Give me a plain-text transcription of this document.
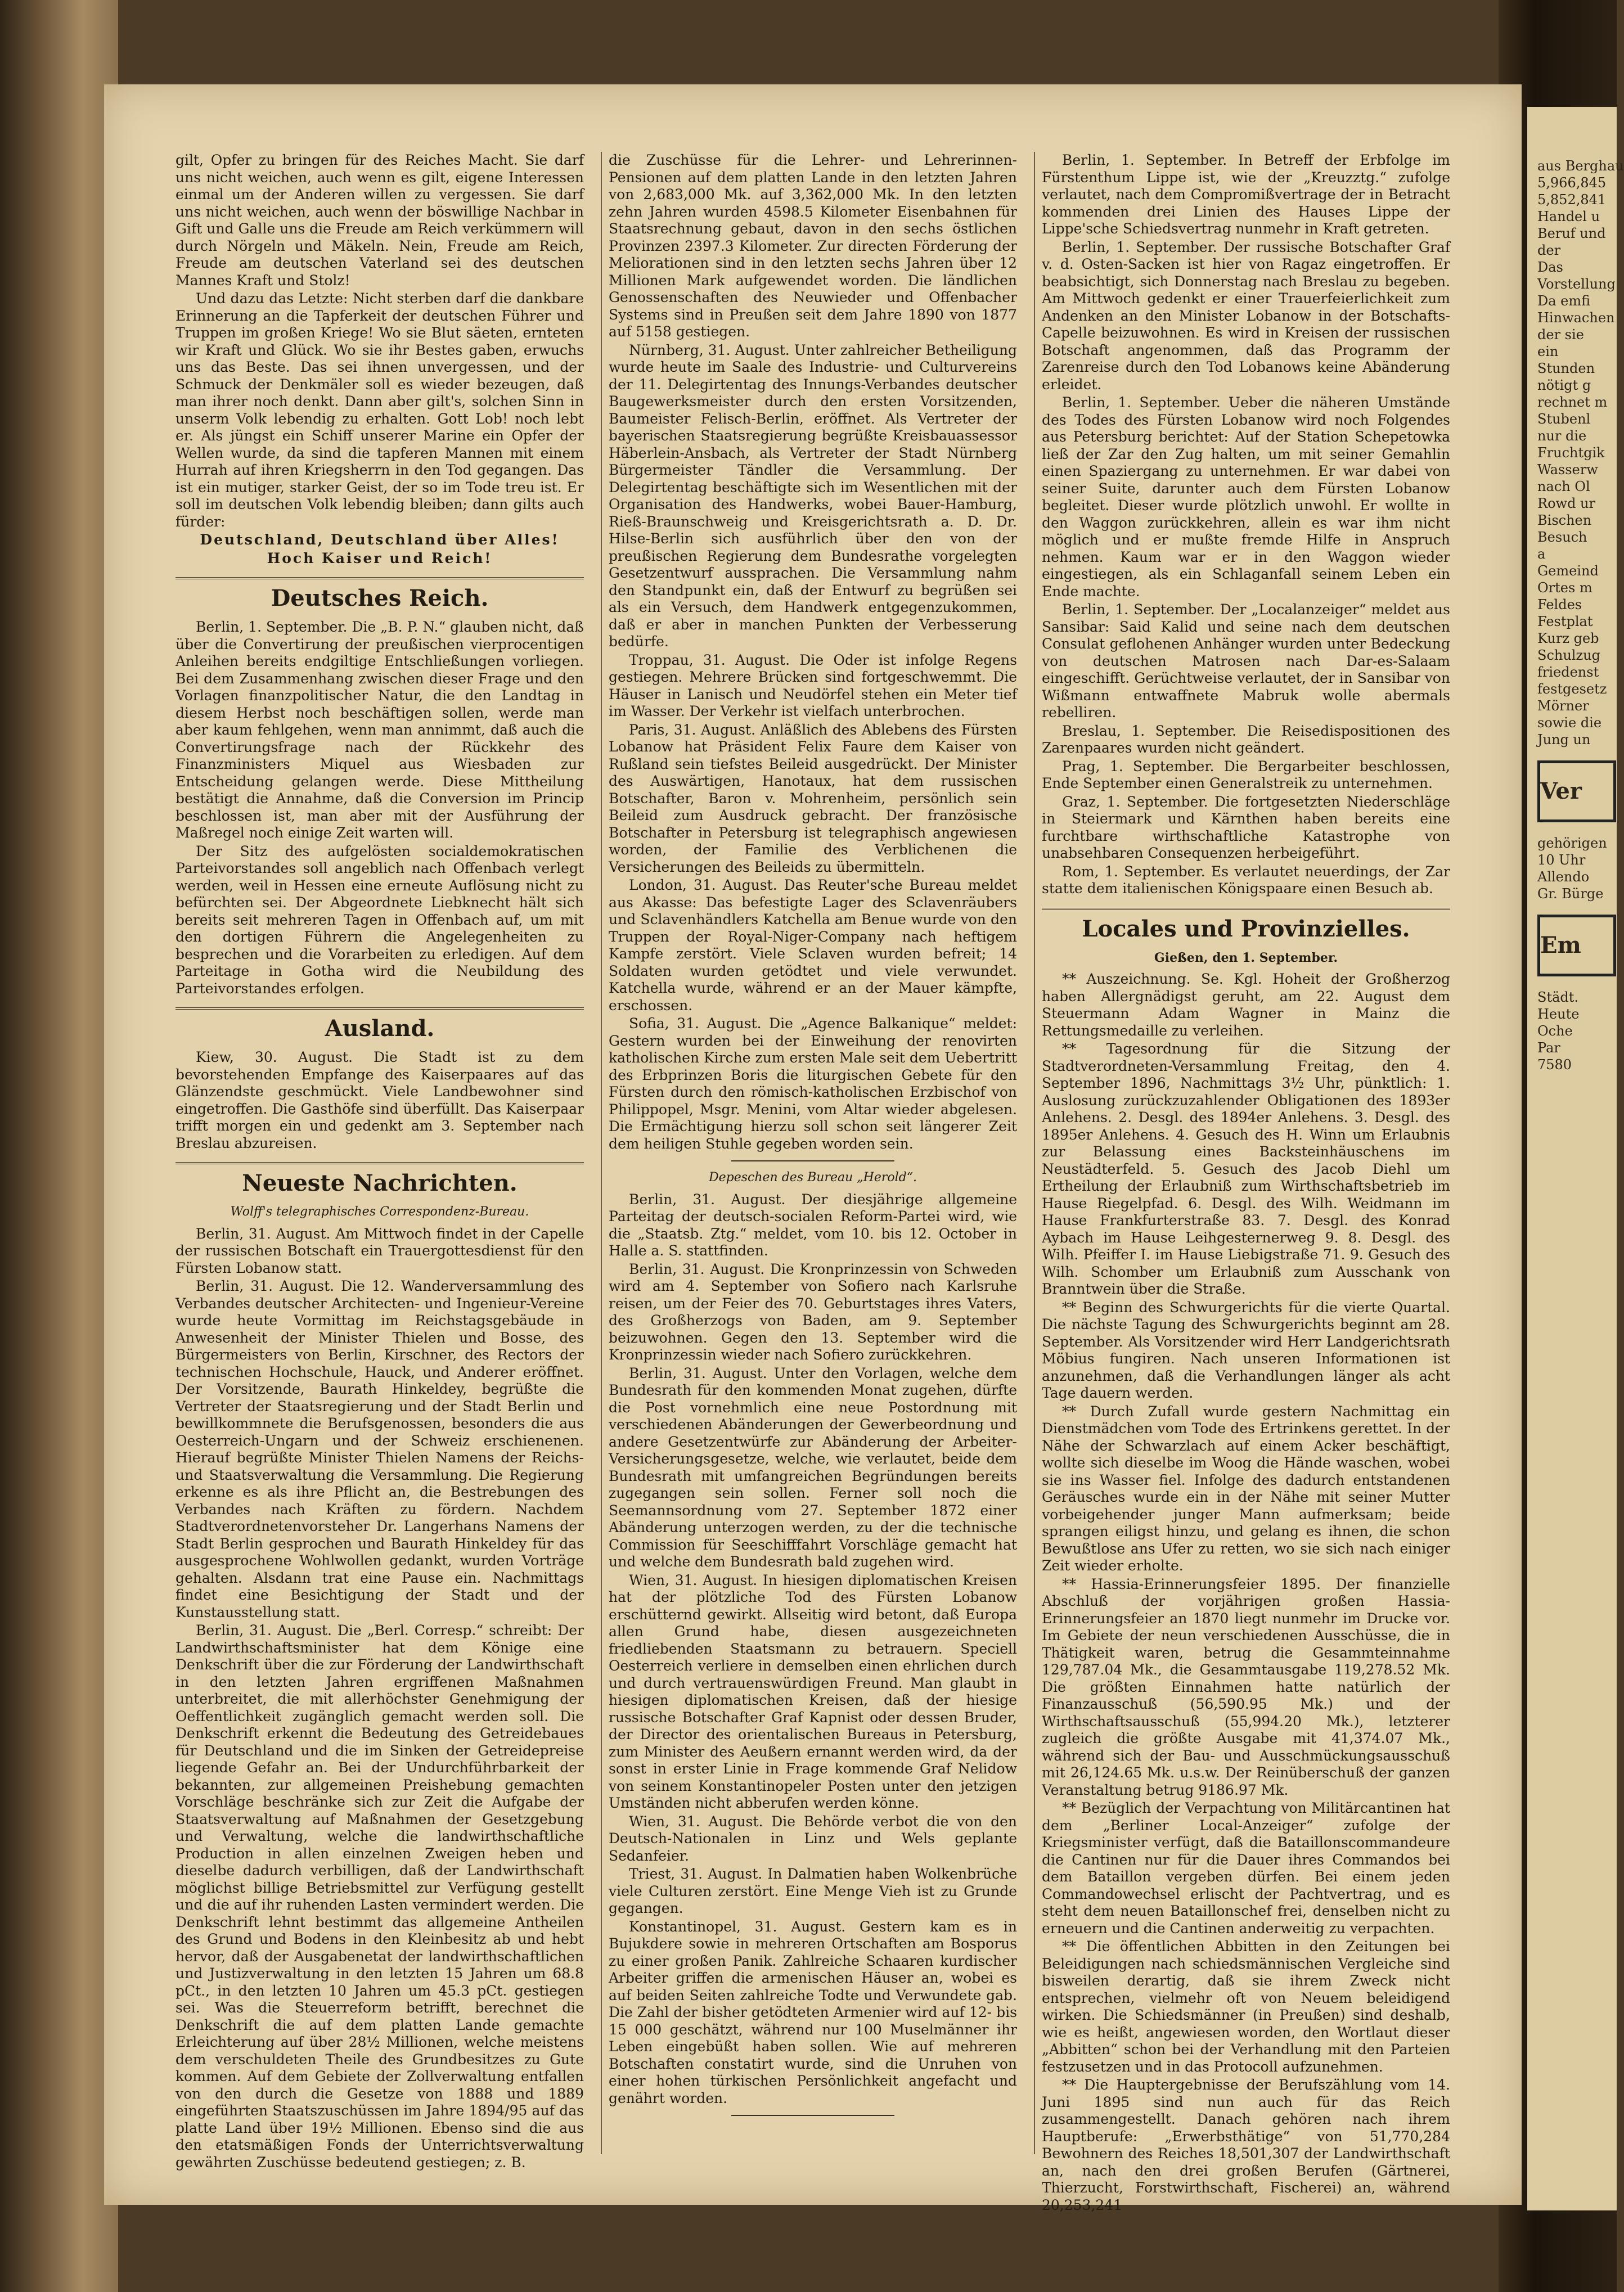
gilt, Opfer zu bringen für des Reiches Macht. Sie darf uns nicht weichen, auch wenn es gilt, eigene Interessen einmal um der Anderen willen zu vergessen. Sie darf uns nicht weichen, auch wenn der böswillige Nachbar in Gift und Galle uns die Freude am Reich verkümmern will durch Nörgeln und Mäkeln. Nein, Freude am Reich, Freude am deutschen Vaterland sei des deutschen Mannes Kraft und Stolz!

Und dazu das Letzte: Nicht sterben darf die dankbare Erinnerung an die Tapferkeit der deutschen Führer und Truppen im großen Kriege! Wo sie Blut säeten, ernteten wir Kraft und Glück. Wo sie ihr Bestes gaben, erwuchs uns das Beste. Das sei ihnen unvergessen, und der Schmuck der Denkmäler soll es wieder bezeugen, daß man ihrer noch denkt. Dann aber gilt's, solchen Sinn in unserm Volk lebendig zu erhalten. Gott Lob! noch lebt er. Als jüngst ein Schiff unserer Marine ein Opfer der Wellen wurde, da sind die tapferen Mannen mit einem Hurrah auf ihren Kriegsherrn in den Tod gegangen. Das ist ein mutiger, starker Geist, der so im Tode treu ist. Er soll im deutschen Volk lebendig bleiben; dann gilts auch fürder:

Deutschland, Deutschland über Alles!

Hoch Kaiser und Reich!

Deutsches Reich.

Berlin, 1. September. Die „B. P. N.“ glauben nicht, daß über die Convertirung der preußischen vierprocentigen Anleihen bereits endgiltige Entschließungen vorliegen. Bei dem Zusammenhang zwischen dieser Frage und den Vorlagen finanzpolitischer Natur, die den Landtag in diesem Herbst noch beschäftigen sollen, werde man aber kaum fehlgehen, wenn man annimmt, daß auch die Convertirungsfrage nach der Rückkehr des Finanzministers Miquel aus Wiesbaden zur Entscheidung gelangen werde. Diese Mittheilung bestätigt die Annahme, daß die Conversion im Princip beschlossen ist, man aber mit der Ausführung der Maßregel noch einige Zeit warten will.

Der Sitz des aufgelösten socialdemokratischen Parteivorstandes soll angeblich nach Offenbach verlegt werden, weil in Hessen eine erneute Auflösung nicht zu befürchten sei. Der Abgeordnete Liebknecht hält sich bereits seit mehreren Tagen in Offenbach auf, um mit den dortigen Führern die Angelegenheiten zu besprechen und die Vorarbeiten zu erledigen. Auf dem Parteitage in Gotha wird die Neubildung des Parteivorstandes erfolgen.

Ausland.

Kiew, 30. August. Die Stadt ist zu dem bevorstehenden Empfange des Kaiserpaares auf das Glänzendste geschmückt. Viele Landbewohner sind eingetroffen. Die Gasthöfe sind überfüllt. Das Kaiserpaar trifft morgen ein und gedenkt am 3. September nach Breslau abzureisen.

Neueste Nachrichten.
Wolff's telegraphisches Correspondenz-Bureau.

Berlin, 31. August. Am Mittwoch findet in der Capelle der russischen Botschaft ein Trauergottesdienst für den Fürsten Lobanow statt.

Berlin, 31. August. Die 12. Wanderversammlung des Verbandes deutscher Architecten- und Ingenieur-Vereine wurde heute Vormittag im Reichstagsgebäude in Anwesenheit der Minister Thielen und Bosse, des Bürgermeisters von Berlin, Kirschner, des Rectors der technischen Hochschule, Hauck, und Anderer eröffnet. Der Vorsitzende, Baurath Hinkeldey, begrüßte die Vertreter der Staatsregierung und der Stadt Berlin und bewillkommnete die Berufsgenossen, besonders die aus Oesterreich-Ungarn und der Schweiz erschienenen. Hierauf begrüßte Minister Thielen Namens der Reichs- und Staatsverwaltung die Versammlung. Die Regierung erkenne es als ihre Pflicht an, die Bestrebungen des Verbandes nach Kräften zu fördern. Nachdem Stadtverordnetenvorsteher Dr. Langerhans Namens der Stadt Berlin gesprochen und Baurath Hinkeldey für das ausgesprochene Wohlwollen gedankt, wurden Vorträge gehalten. Alsdann trat eine Pause ein. Nachmittags findet eine Besichtigung der Stadt und der Kunstausstellung statt.

Berlin, 31. August. Die „Berl. Corresp.“ schreibt: Der Landwirthschaftsminister hat dem Könige eine Denkschrift über die zur Förderung der Landwirthschaft in den letzten Jahren ergriffenen Maßnahmen unterbreitet, die mit allerhöchster Genehmigung der Oeffentlichkeit zugänglich gemacht werden soll. Die Denkschrift erkennt die Bedeutung des Getreidebaues für Deutschland und die im Sinken der Getreidepreise liegende Gefahr an. Bei der Undurchführbarkeit der bekannten, zur allgemeinen Preishebung gemachten Vorschläge beschränke sich zur Zeit die Aufgabe der Staatsverwaltung auf Maßnahmen der Gesetzgebung und Verwaltung, welche die landwirthschaftliche Production in allen einzelnen Zweigen heben und dieselbe dadurch verbilligen, daß der Landwirthschaft möglichst billige Betriebsmittel zur Verfügung gestellt und die auf ihr ruhenden Lasten vermindert werden. Die Denkschrift lehnt bestimmt das allgemeine Antheilen des Grund und Bodens in den Kleinbesitz ab und hebt hervor, daß der Ausgabenetat der landwirthschaftlichen und Justizverwaltung in den letzten 15 Jahren um 68.8 pCt., in den letzten 10 Jahren um 45.3 pCt. gestiegen sei. Was die Steuerreform betrifft, berechnet die Denkschrift die auf dem platten Lande gemachte Erleichterung auf über 28½ Millionen, welche meistens dem verschuldeten Theile des Grundbesitzes zu Gute kommen. Auf dem Gebiete der Zollverwaltung entfallen von den durch die Gesetze von 1888 und 1889 eingeführten Staatszuschüssen im Jahre 1894/95 auf das platte Land über 19½ Millionen. Ebenso sind die aus den etatsmäßigen Fonds der Unterrichtsverwaltung gewährten Zuschüsse bedeutend gestiegen; z. B.

die Zuschüsse für die Lehrer- und Lehrerinnen-Pensionen auf dem platten Lande in den letzten Jahren von 2,683,000 Mk. auf 3,362,000 Mk. In den letzten zehn Jahren wurden 4598.5 Kilometer Eisenbahnen für Staatsrechnung gebaut, davon in den sechs östlichen Provinzen 2397.3 Kilometer. Zur directen Förderung der Meliorationen sind in den letzten sechs Jahren über 12 Millionen Mark aufgewendet worden. Die ländlichen Genossenschaften des Neuwieder und Offenbacher Systems sind in Preußen seit dem Jahre 1890 von 1877 auf 5158 gestiegen.

Nürnberg, 31. August. Unter zahlreicher Betheiligung wurde heute im Saale des Industrie- und Culturvereins der 11. Delegirtentag des Innungs-Verbandes deutscher Baugewerksmeister durch den ersten Vorsitzenden, Baumeister Felisch-Berlin, eröffnet. Als Vertreter der bayerischen Staatsregierung begrüßte Kreisbauassessor Häberlein-Ansbach, als Vertreter der Stadt Nürnberg Bürgermeister Tändler die Versammlung. Der Delegirtentag beschäftigte sich im Wesentlichen mit der Organisation des Handwerks, wobei Bauer-Hamburg, Rieß-Braunschweig und Kreisgerichtsrath a. D. Dr. Hilse-Berlin sich ausführlich über den von der preußischen Regierung dem Bundesrathe vorgelegten Gesetzentwurf aussprachen. Die Versammlung nahm den Standpunkt ein, daß der Entwurf zu begrüßen sei als ein Versuch, dem Handwerk entgegenzukommen, daß er aber in manchen Punkten der Verbesserung bedürfe.

Troppau, 31. August. Die Oder ist infolge Regens gestiegen. Mehrere Brücken sind fortgeschwemmt. Die Häuser in Lanisch und Neudörfel stehen ein Meter tief im Wasser. Der Verkehr ist vielfach unterbrochen.

Paris, 31. August. Anläßlich des Ablebens des Fürsten Lobanow hat Präsident Felix Faure dem Kaiser von Rußland sein tiefstes Beileid ausgedrückt. Der Minister des Auswärtigen, Hanotaux, hat dem russischen Botschafter, Baron v. Mohrenheim, persönlich sein Beileid zum Ausdruck gebracht. Der französische Botschafter in Petersburg ist telegraphisch angewiesen worden, der Familie des Verblichenen die Versicherungen des Beileids zu übermitteln.

London, 31. August. Das Reuter'sche Bureau meldet aus Akasse: Das befestigte Lager des Sclavenräubers und Sclavenhändlers Katchella am Benue wurde von den Truppen der Royal-Niger-Company nach heftigem Kampfe zerstört. Viele Sclaven wurden befreit; 14 Soldaten wurden getödtet und viele verwundet. Katchella wurde, während er an der Mauer kämpfte, erschossen.

Sofia, 31. August. Die „Agence Balkanique“ meldet: Gestern wurden bei der Einweihung der renovirten katholischen Kirche zum ersten Male seit dem Uebertritt des Erbprinzen Boris die liturgischen Gebete für den Fürsten durch den römisch-katholischen Erzbischof von Philippopel, Msgr. Menini, vom Altar wieder abgelesen. Die Ermächtigung hierzu soll schon seit längerer Zeit dem heiligen Stuhle gegeben worden sein.

Depeschen des Bureau „Herold“.

Berlin, 31. August. Der diesjährige allgemeine Parteitag der deutsch-socialen Reform-Partei wird, wie die „Staatsb. Ztg.“ meldet, vom 10. bis 12. October in Halle a. S. stattfinden.

Berlin, 31. August. Die Kronprinzessin von Schweden wird am 4. September von Sofiero nach Karlsruhe reisen, um der Feier des 70. Geburtstages ihres Vaters, des Großherzogs von Baden, am 9. September beizuwohnen. Gegen den 13. September wird die Kronprinzessin wieder nach Sofiero zurückkehren.

Berlin, 31. August. Unter den Vorlagen, welche dem Bundesrath für den kommenden Monat zugehen, dürfte die Post vornehmlich eine neue Postordnung mit verschiedenen Abänderungen der Gewerbeordnung und andere Gesetzentwürfe zur Abänderung der Arbeiter-Versicherungsgesetze, welche, wie verlautet, beide dem Bundesrath mit umfangreichen Begründungen bereits zugegangen sein sollen. Ferner soll noch die Seemannsordnung vom 27. September 1872 einer Abänderung unterzogen werden, zu der die technische Commission für Seeschifffahrt Vorschläge gemacht hat und welche dem Bundesrath bald zugehen wird.

Wien, 31. August. In hiesigen diplomatischen Kreisen hat der plötzliche Tod des Fürsten Lobanow erschütternd gewirkt. Allseitig wird betont, daß Europa allen Grund habe, diesen ausgezeichneten friedliebenden Staatsmann zu betrauern. Speciell Oesterreich verliere in demselben einen ehrlichen durch und durch vertrauenswürdigen Freund. Man glaubt in hiesigen diplomatischen Kreisen, daß der hiesige russische Botschafter Graf Kapnist oder dessen Bruder, der Director des orientalischen Bureaus in Petersburg, zum Minister des Aeußern ernannt werden wird, da der sonst in erster Linie in Frage kommende Graf Nelidow von seinem Konstantinopeler Posten unter den jetzigen Umständen nicht abberufen werden könne.

Wien, 31. August. Die Behörde verbot die von den Deutsch-Nationalen in Linz und Wels geplante Sedanfeier.

Triest, 31. August. In Dalmatien haben Wolkenbrüche viele Culturen zerstört. Eine Menge Vieh ist zu Grunde gegangen.

Konstantinopel, 31. August. Gestern kam es in Bujukdere sowie in mehreren Ortschaften am Bosporus zu einer großen Panik. Zahlreiche Schaaren kurdischer Arbeiter griffen die armenischen Häuser an, wobei es auf beiden Seiten zahlreiche Todte und Verwundete gab. Die Zahl der bisher getödteten Armenier wird auf 12- bis 15 000 geschätzt, während nur 100 Muselmänner ihr Leben eingebüßt haben sollen. Wie auf mehreren Botschaften constatirt wurde, sind die Unruhen von einer hohen türkischen Persönlichkeit angefacht und genährt worden.

Berlin, 1. September. In Betreff der Erbfolge im Fürstenthum Lippe ist, wie der „Kreuzztg.“ zufolge verlautet, nach dem Compromißvertrage der in Betracht kommenden drei Linien des Hauses Lippe der Lippe'sche Schiedsvertrag nunmehr in Kraft getreten.

Berlin, 1. September. Der russische Botschafter Graf v. d. Osten-Sacken ist hier von Ragaz eingetroffen. Er beabsichtigt, sich Donnerstag nach Breslau zu begeben. Am Mittwoch gedenkt er einer Trauerfeierlichkeit zum Andenken an den Minister Lobanow in der Botschafts-Capelle beizuwohnen. Es wird in Kreisen der russischen Botschaft angenommen, daß das Programm der Zarenreise durch den Tod Lobanows keine Abänderung erleidet.

Berlin, 1. September. Ueber die näheren Umstände des Todes des Fürsten Lobanow wird noch Folgendes aus Petersburg berichtet: Auf der Station Schepetowka ließ der Zar den Zug halten, um mit seiner Gemahlin einen Spaziergang zu unternehmen. Er war dabei von seiner Suite, darunter auch dem Fürsten Lobanow begleitet. Dieser wurde plötzlich unwohl. Er wollte in den Waggon zurückkehren, allein es war ihm nicht möglich und er mußte fremde Hilfe in Anspruch nehmen. Kaum war er in den Waggon wieder eingestiegen, als ein Schlaganfall seinem Leben ein Ende machte.

Berlin, 1. September. Der „Localanzeiger“ meldet aus Sansibar: Said Kalid und seine nach dem deutschen Consulat geflohenen Anhänger wurden unter Bedeckung von deutschen Matrosen nach Dar-es-Salaam eingeschifft. Gerüchtweise verlautet, der in Sansibar von Wißmann entwaffnete Mabruk wolle abermals rebelliren.

Breslau, 1. September. Die Reisedispositionen des Zarenpaares wurden nicht geändert.

Prag, 1. September. Die Bergarbeiter beschlossen, Ende September einen Generalstreik zu unternehmen.

Graz, 1. September. Die fortgesetzten Niederschläge in Steiermark und Kärnthen haben bereits eine furchtbare wirthschaftliche Katastrophe von unabsehbaren Consequenzen herbeigeführt.

Rom, 1. September. Es verlautet neuerdings, der Zar statte dem italienischen Königspaare einen Besuch ab.

Locales und Provinzielles.
Gießen, den 1. September.

** Auszeichnung. Se. Kgl. Hoheit der Großherzog haben Allergnädigst geruht, am 22. August dem Steuermann Adam Wagner in Mainz die Rettungsmedaille zu verleihen.

** Tagesordnung für die Sitzung der Stadtverordneten-Versammlung Freitag, den 4. September 1896, Nachmittags 3½ Uhr, pünktlich: 1. Auslosung zurückzuzahlender Obligationen des 1893er Anlehens. 2. Desgl. des 1894er Anlehens. 3. Desgl. des 1895er Anlehens. 4. Gesuch des H. Winn um Erlaubnis zur Belassung eines Backsteinhäuschens im Neustädterfeld. 5. Gesuch des Jacob Diehl um Ertheilung der Erlaubniß zum Wirthschaftsbetrieb im Hause Riegelpfad. 6. Desgl. des Wilh. Weidmann im Hause Frankfurterstraße 83. 7. Desgl. des Konrad Aybach im Hause Leihgesternerweg 9. 8. Desgl. des Wilh. Pfeiffer I. im Hause Liebigstraße 71. 9. Gesuch des Wilh. Schomber um Erlaubniß zum Ausschank von Branntwein über die Straße.

** Beginn des Schwurgerichts für die vierte Quartal. Die nächste Tagung des Schwurgerichts beginnt am 28. September. Als Vorsitzender wird Herr Landgerichtsrath Möbius fungiren. Nach unseren Informationen ist anzunehmen, daß die Verhandlungen länger als acht Tage dauern werden.

** Durch Zufall wurde gestern Nachmittag ein Dienstmädchen vom Tode des Ertrinkens gerettet. In der Nähe der Schwarzlach auf einem Acker beschäftigt, wollte sich dieselbe im Woog die Hände waschen, wobei sie ins Wasser fiel. Infolge des dadurch entstandenen Geräusches wurde ein in der Nähe mit seiner Mutter vorbeigehender junger Mann aufmerksam; beide sprangen eiligst hinzu, und gelang es ihnen, die schon Bewußtlose ans Ufer zu retten, wo sie sich nach einiger Zeit wieder erholte.

** Hassia-Erinnerungsfeier 1895. Der finanzielle Abschluß der vorjährigen großen Hassia-Erinnerungsfeier an 1870 liegt nunmehr im Drucke vor. Im Gebiete der neun verschiedenen Ausschüsse, die in Thätigkeit waren, betrug die Gesammteinnahme 129,787.04 Mk., die Gesammtausgabe 119,278.52 Mk. Die größten Einnahmen hatte natürlich der Finanzausschuß (56,590.95 Mk.) und der Wirthschaftsausschuß (55,994.20 Mk.), letzterer zugleich die größte Ausgabe mit 41,374.07 Mk., während sich der Bau- und Ausschmückungsausschuß mit 26,124.65 Mk. u.s.w. Der Reinüberschuß der ganzen Veranstaltung betrug 9186.97 Mk.

** Bezüglich der Verpachtung von Militärcantinen hat dem „Berliner Local-Anzeiger“ zufolge der Kriegsminister verfügt, daß die Bataillonscommandeure die Cantinen nur für die Dauer ihres Commandos bei dem Bataillon vergeben dürfen. Bei einem jeden Commandowechsel erlischt der Pachtvertrag, und es steht dem neuen Bataillonschef frei, denselben nicht zu erneuern und die Cantinen anderweitig zu verpachten.

** Die öffentlichen Abbitten in den Zeitungen bei Beleidigungen nach schiedsmännischen Vergleiche sind bisweilen derartig, daß sie ihrem Zweck nicht entsprechen, vielmehr oft von Neuem beleidigend wirken. Die Schiedsmänner (in Preußen) sind deshalb, wie es heißt, angewiesen worden, den Wortlaut dieser „Abbitten“ schon bei der Verhandlung mit den Parteien festzusetzen und in das Protocoll aufzunehmen.

** Die Hauptergebnisse der Berufszählung vom 14. Juni 1895 sind nun auch für das Reich zusammengestellt. Danach gehören nach ihrem Hauptberufe: „Erwerbsthätige“ von 51,770,284 Bewohnern des Reiches 18,501,307 der Landwirthschaft an, nach den drei großen Berufen (Gärtnerei, Thierzucht, Forstwirthschaft, Fischerei) an, während 20,253,241

aus Berghau
5,966,845
5,852,841
Handel u
Beruf und
der
Das
Vorstellung
Da emfi
Hinwachen
der sie
ein
Stunden
nötigt g
rechnet m
Stubenl
nur die
Fruchtgik
Wasserw
nach Ol
Rowd ur
Bischen
Besuch
a
Gemeind
Ortes m
Feldes
Festplat
Kurz geb
Schulzug
friedenst
festgesetz
Mörner
sowie die
Jung un
Ver
gehörigen
10 Uhr
Allendo
Gr. Bürge
Em
Städt.
Heute
Oche
Par
7580
